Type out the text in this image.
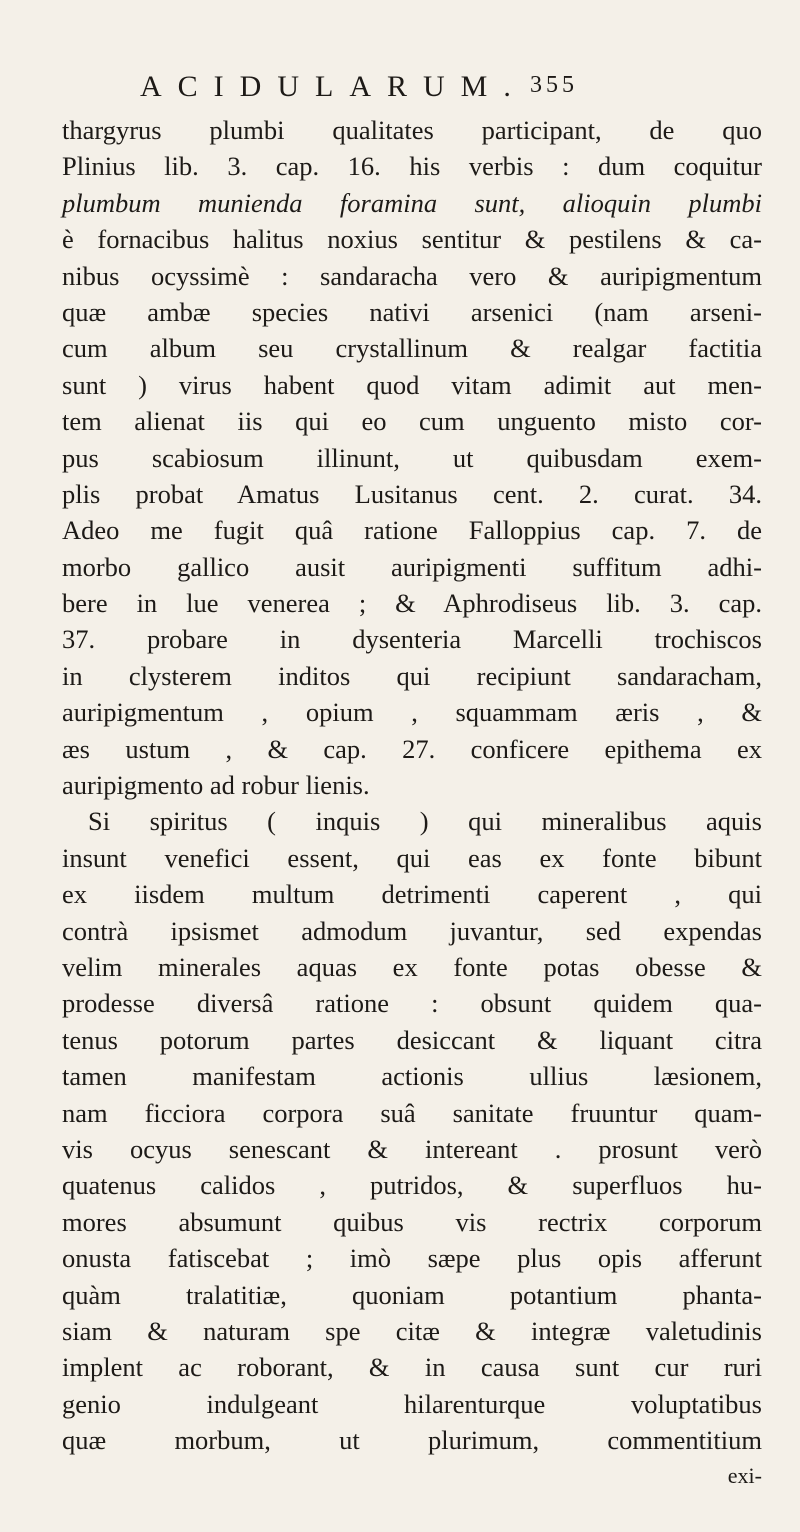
ACIDULARUM. 355
thargyrus plumbi qualitates participant, de quo
Plinius lib. 3. cap. 16. his verbis : dum coquitur
plumbum munienda foramina sunt, alioquin plumbi
è fornacibus halitus noxius sentitur & pestilens & ca-
nibus ocyssimè : sandaracha vero & auripigmentum
quæ ambæ species nativi arsenici (nam arseni-
cum album seu crystallinum & realgar factitia
sunt ) virus habent quod vitam adimit aut men-
tem alienat iis qui eo cum unguento misto cor-
pus scabiosum illinunt, ut quibusdam exem-
plis probat Amatus Lusitanus cent. 2. curat. 34.
Adeo me fugit quâ ratione Falloppius cap. 7. de
morbo gallico ausit auripigmenti suffitum adhi-
bere in lue venerea ; & Aphrodiseus lib. 3. cap.
37. probare in dysenteria Marcelli trochiscos
in clysterem inditos qui recipiunt sandaracham,
auripigmentum , opium , squammam æris , &
æs ustum , & cap. 27. conficere epithema ex
auripigmento ad robur lienis.
Si spiritus ( inquis ) qui mineralibus aquis
insunt venefici essent, qui eas ex fonte bibunt
ex iisdem multum detrimenti caperent , qui
contrà ipsismet admodum juvantur, sed expendas
velim minerales aquas ex fonte potas obesse &
prodesse diversâ ratione : obsunt quidem qua-
tenus potorum partes desiccant & liquant citra
tamen manifestam actionis ullius læsionem,
nam ficciora corpora suâ sanitate fruuntur quam-
vis ocyus senescant & intereant . prosunt verò
quatenus calidos , putridos, & superfluos hu-
mores absumunt quibus vis rectrix corporum
onusta fatiscebat ; imò sæpe plus opis afferunt
quàm tralatitiæ, quoniam potantium phanta-
siam & naturam spe citæ & integræ valetudinis
implent ac roborant, & in causa sunt cur ruri
genio indulgeant hilarenturque voluptatibus
quæ morbum, ut plurimum, commentitium
exi-
